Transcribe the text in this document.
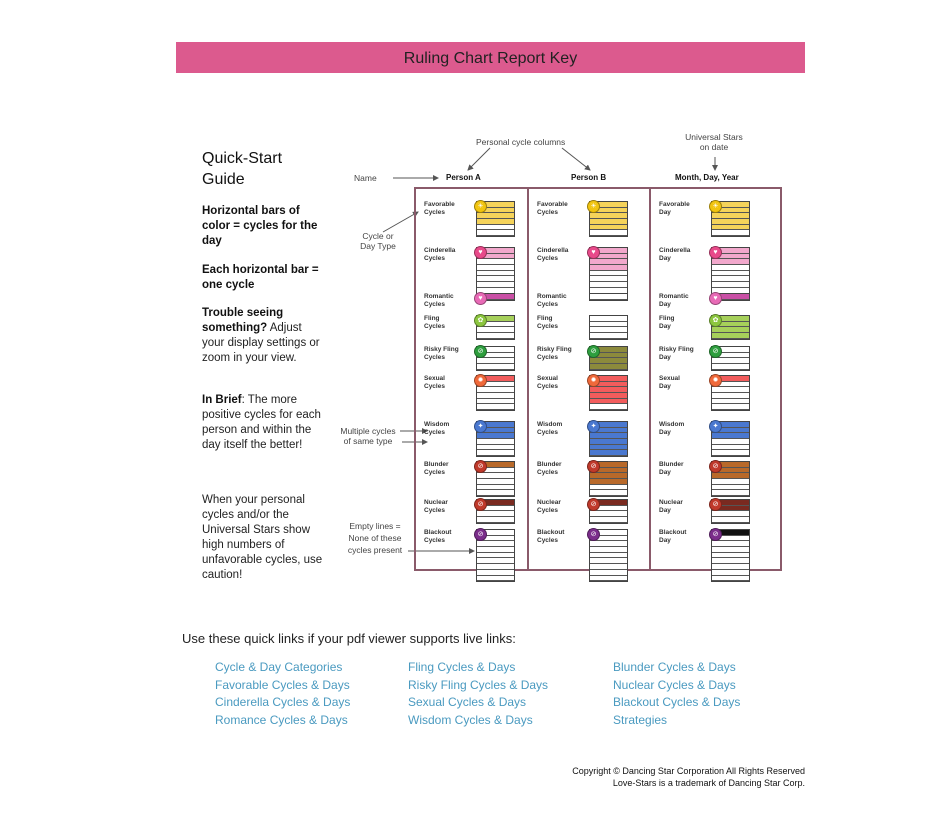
Ruling Chart Report Key
Quick-Start
Guide
Horizontal bars of color = cycles for the day
Each horizontal bar = one cycle
Trouble seeing something? Adjust your display settings or zoom in your view.
In Brief: The more positive cycles for each person and within the day itself the better!
When your personal cycles and/or the Universal Stars show high numbers of unfavorable cycles, use caution!
Personal cycle columns	Universal Stars
on date
Name
Cycle or
Day Type
Multiple cycles
of same type
Empty lines =
None of these
cycles present
Person A	Person B	Month, Day, Year
Favorable
Cycles
☀
Cinderella
Cycles
♥
Romantic
Cycles
♥
Fling
Cycles
✿
Risky Fling
Cycles
⊘
Sexual
Cycles
✹
Wisdom
Cycles
✦
Blunder
Cycles
⊘
Nuclear
Cycles
⊘
Blackout
Cycles
⊘
Favorable
Cycles
☀
Cinderella
Cycles
♥
Romantic
Cycles
Fling
Cycles
Risky Fling
Cycles
⊘
Sexual
Cycles
✹
Wisdom
Cycles
✦
Blunder
Cycles
⊘
Nuclear
Cycles
⊘
Blackout
Cycles
⊘
Favorable
Day
☀
Cinderella
Day
♥
Romantic
Day
♥
Fling
Day
✿
Risky Fling
Day
⊘
Sexual
Day
✹
Wisdom
Day
✦
Blunder
Day
⊘
Nuclear
Day
⊘
Blackout
Day
⊘
Use these quick links if your pdf viewer supports live links:
Cycle & Day Categories
Favorable Cycles & Days
Cinderella Cycles & Days
Romance Cycles & Days
Fling Cycles & Days
Risky Fling Cycles & Days
Sexual Cycles & Days
Wisdom Cycles & Days
Blunder Cycles & Days
Nuclear Cycles & Days
Blackout Cycles & Days
Strategies
Copyright © Dancing Star Corporation All Rights Reserved
Love-Stars is a trademark of Dancing Star Corp.
